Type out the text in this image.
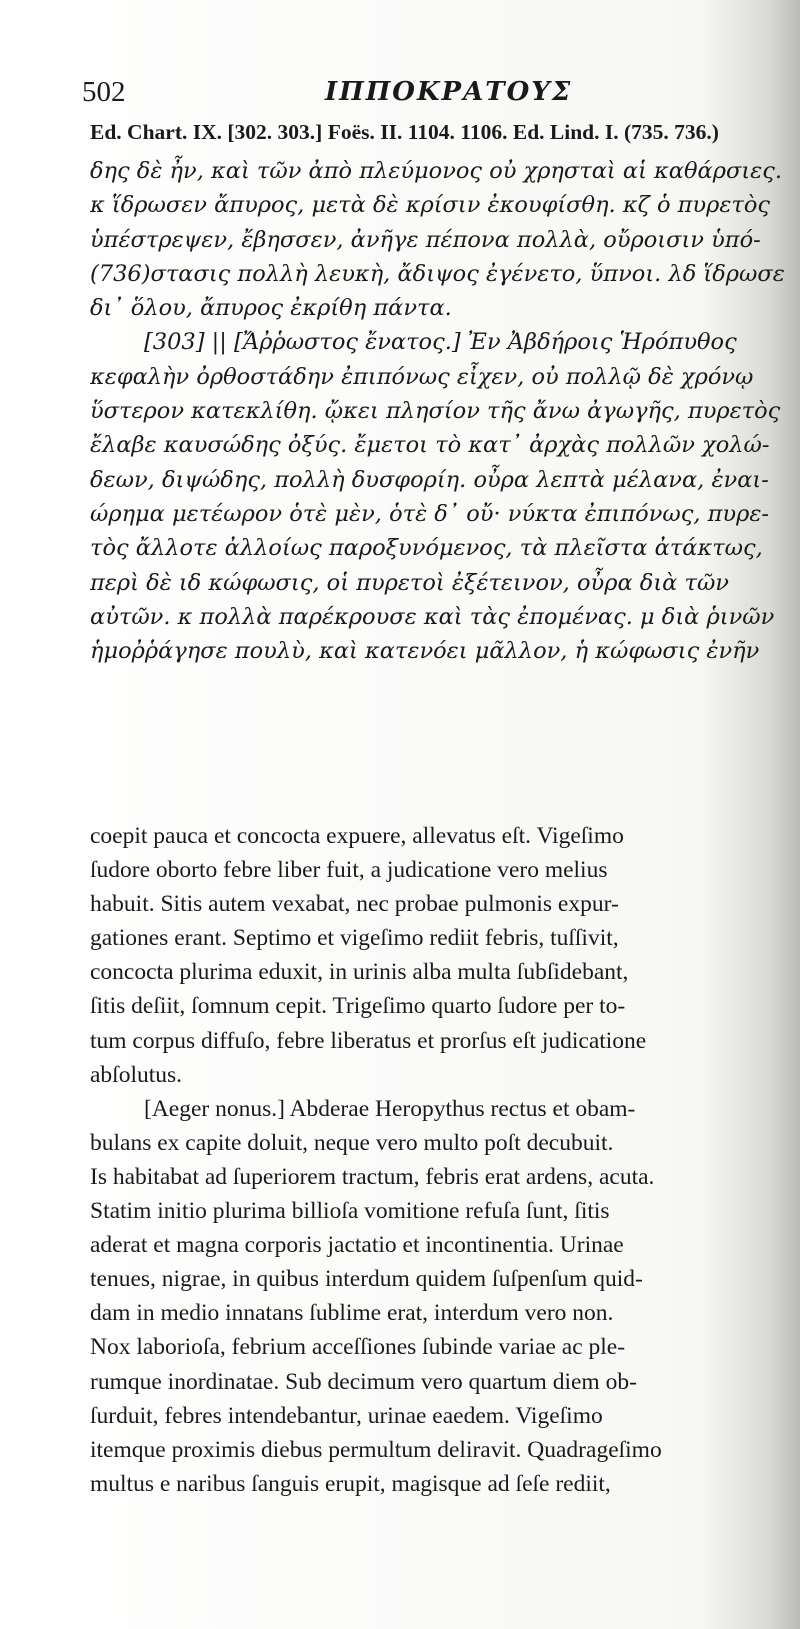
502	ΙΠΠΟΚΡΑΤΟΥΣ
Ed. Chart. IX. [302. 303.] Foës. II. 1104. 1106. Ed. Lind. I. (735. 736.)
δης δὲ ἦν, καὶ τῶν ἀπὸ πλεύμονος οὐ χρησταὶ αἱ καθάρσιες.
κ ἵδρωσεν ἄπυρος, μετὰ δὲ κρίσιν ἐκουφίσθη. κζ ὁ πυρετὸς
ὑπέστρεψεν, ἔβησσεν, ἀνῆγε πέπονα πολλὰ, οὔροισιν ὑπό-
(736)στασις πολλὴ λευκὴ, ἄδιψος ἐγένετο, ὕπνοι. λδ ἵδρωσε
δι᾽ ὅλου, ἄπυρος ἐκρίθη πάντα.
[303] || [Ἄῤῥωστος ἔνατος.] Ἐν Ἀβδήροις Ἡρόπυθος
κεφαλὴν ὀρθοστάδην ἐπιπόνως εἶχεν, οὐ πολλῷ δὲ χρόνῳ
ὕστερον κατεκλίθη. ᾤκει πλησίον τῆς ἄνω ἀγωγῆς, πυρετὸς
ἔλαβε καυσώδης ὀξύς. ἔμετοι τὸ κατ᾽ ἀρχὰς πολλῶν χολώ-
δεων, διψώδης, πολλὴ δυσφορίη. οὖρα λεπτὰ μέλανα, ἐναι-
ώρημα μετέωρον ὁτὲ μὲν, ὁτὲ δ᾽ οὔ· νύκτα ἐπιπόνως, πυρε-
τὸς ἄλλοτε ἀλλοίως παροξυνόμενος, τὰ πλεῖστα ἀτάκτως,
περὶ δὲ ιδ κώφωσις, οἱ πυρετοὶ ἐξέτεινον, οὖρα διὰ τῶν
αὐτῶν. κ πολλὰ παρέκρουσε καὶ τὰς ἐπομένας. μ διὰ ῥινῶν
ἡμοῤῥάγησε πουλὺ, καὶ κατενόει μᾶλλον, ἡ κώφωσις ἐνῆν
coepit pauca et concocta expuere, allevatus eſt. Vigeſimo
ſudore oborto febre liber fuit, a judicatione vero melius
habuit. Sitis autem vexabat, nec probae pulmonis expur-
gationes erant. Septimo et vigeſimo rediit febris, tuſſivit,
concocta plurima eduxit, in urinis alba multa ſubſidebant,
ſitis deſiit, ſomnum cepit. Trigeſimo quarto ſudore per to-
tum corpus diffuſo, febre liberatus et prorſus eſt judicatione
abſolutus.
[Aeger nonus.] Abderae Heropythus rectus et obam-
bulans ex capite doluit, neque vero multo poſt decubuit.
Is habitabat ad ſuperiorem tractum, febris erat ardens, acuta.
Statim initio plurima billioſa vomitione refuſa ſunt, ſitis
aderat et magna corporis jactatio et incontinentia. Urinae
tenues, nigrae, in quibus interdum quidem ſuſpenſum quid-
dam in medio innatans ſublime erat, interdum vero non.
Nox laborioſa, febrium acceſſiones ſubinde variae ac ple-
rumque inordinatae. Sub decimum vero quartum diem ob-
ſurduit, febres intendebantur, urinae eaedem. Vigeſimo
itemque proximis diebus permultum deliravit. Quadrageſimo
multus e naribus ſanguis erupit, magisque ad ſeſe rediit,
